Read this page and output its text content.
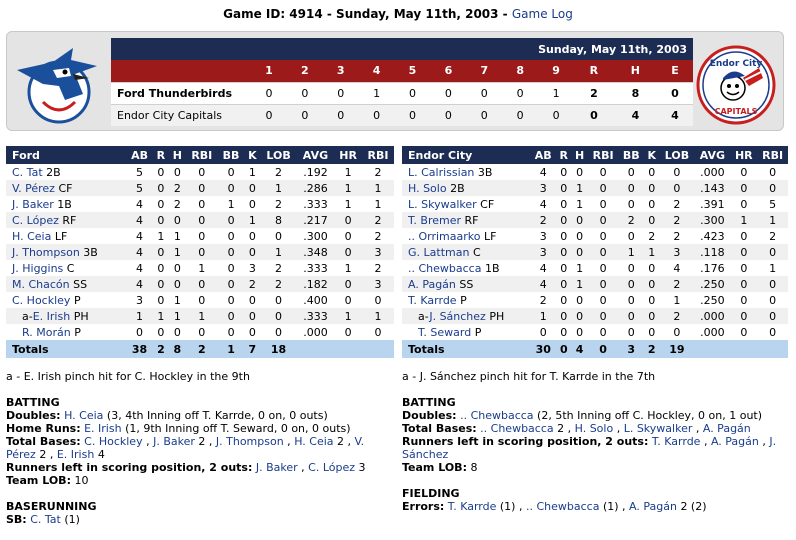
Game ID: 4914 - Sunday, May 11th, 2003 - Game Log
Sunday, May 11th, 2003												
	1	2	3	4	5	6	7	8	9	R	H	E
Ford Thunderbirds	0	0	0	1	0	0	0	0	1	2	8	0
Endor City Capitals	0	0	0	0	0	0	0	0	0	0	4	4
Endor City
CAPITALS
Ford	AB	R	H	RBI	BB	K	LOB	AVG	HR	RBI
C. Tat 2B	5	0	0	0	0	1	2	.192	1	2
V. Pérez CF	5	0	2	0	0	0	1	.286	1	1
J. Baker 1B	4	0	2	0	1	0	2	.333	1	1
C. López RF	4	0	0	0	0	1	8	.217	0	2
H. Ceia LF	4	1	1	0	0	0	0	.300	0	2
J. Thompson 3B	4	0	1	0	0	0	1	.348	0	3
J. Higgins C	4	0	0	1	0	3	2	.333	1	2
M. Chacón SS	4	0	0	0	0	2	2	.182	0	3
C. Hockley P	3	0	1	0	0	0	0	.400	0	0
a-E. Irish PH	1	1	1	1	0	0	0	.333	1	1
R. Morán P	0	0	0	0	0	0	0	.000	0	0
Totals	38	2	8	2	1	7	18			
Endor City	AB	R	H	RBI	BB	K	LOB	AVG	HR	RBI
L. Calrissian 3B	4	0	0	0	0	0	0	.000	0	0
H. Solo 2B	3	0	1	0	0	0	0	.143	0	0
L. Skywalker CF	4	0	1	0	0	0	2	.391	0	5
T. Bremer RF	2	0	0	0	2	0	2	.300	1	1
.. Orrimaarko LF	3	0	0	0	0	2	2	.423	0	2
G. Lattman C	3	0	0	0	1	1	3	.118	0	0
.. Chewbacca 1B	4	0	1	0	0	0	4	.176	0	1
A. Pagán SS	4	0	1	0	0	0	2	.250	0	0
T. Karrde P	2	0	0	0	0	0	1	.250	0	0
a-J. Sánchez PH	1	0	0	0	0	0	2	.000	0	0
T. Seward P	0	0	0	0	0	0	0	.000	0	0
Totals	30	0	4	0	3	2	19			
a - E. Irish pinch hit for C. Hockley in the 9th
BATTING
Doubles: H. Ceia (3, 4th Inning off T. Karrde, 0 on, 0 outs)
Home Runs: E. Irish (1, 9th Inning off T. Seward, 0 on, 0 outs)
Total Bases: C. Hockley , J. Baker 2 , J. Thompson , H. Ceia 2 , V. Pérez 2 , E. Irish 4
Runners left in scoring position, 2 outs: J. Baker , C. López 3
Team LOB: 10
BASERUNNING
SB: C. Tat (1)
a - J. Sánchez pinch hit for T. Karrde in the 7th
BATTING
Doubles: .. Chewbacca (2, 5th Inning off C. Hockley, 0 on, 1 out)
Total Bases: .. Chewbacca 2 , H. Solo , L. Skywalker , A. Pagán
Runners left in scoring position, 2 outs: T. Karrde , A. Pagán , J. Sánchez
Team LOB: 8
FIELDING
Errors: T. Karrde (1) , .. Chewbacca (1) , A. Pagán 2 (2)
